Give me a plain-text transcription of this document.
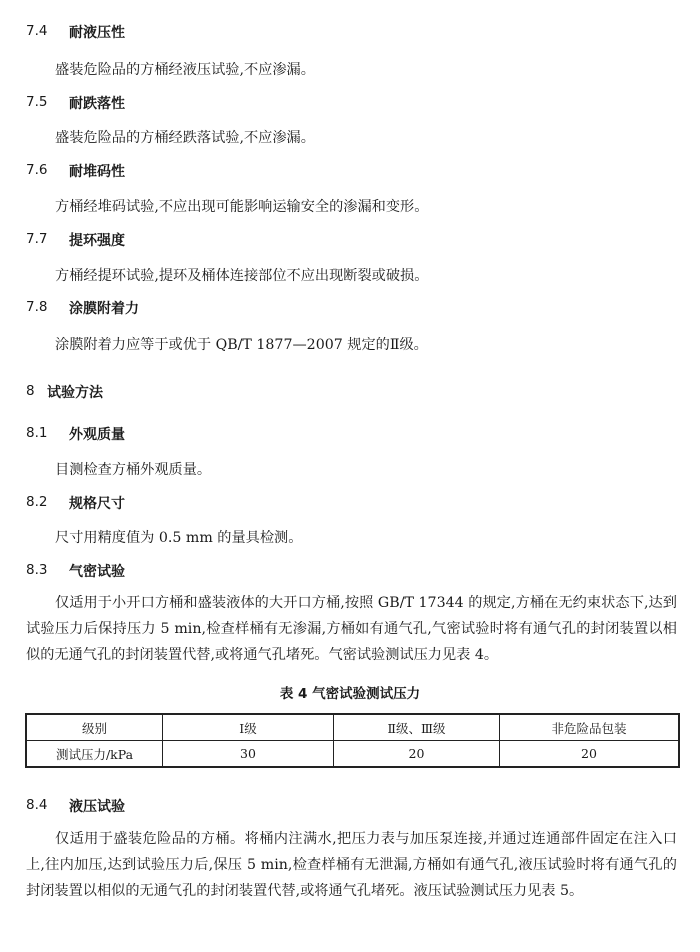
7.4 耐液压性
盛装危险品的方桶经液压试验,不应渗漏。
7.5 耐跌落性
盛装危险品的方桶经跌落试验,不应渗漏。
7.6 耐堆码性
方桶经堆码试验,不应出现可能影响运输安全的渗漏和变形。
7.7 提环强度
方桶经提环试验,提环及桶体连接部位不应出现断裂或破损。
7.8 涂膜附着力
涂膜附着力应等于或优于 QB/T 1877—2007 规定的Ⅱ级。
8 试验方法
8.1 外观质量
目测检查方桶外观质量。
8.2 规格尺寸
尺寸用精度值为 0.5 mm 的量具检测。
8.3 气密试验
仅适用于小开口方桶和盛装液体的大开口方桶,按照 GB/T 17344 的规定,方桶在无约束状态下,达到试验压力后保持压力 5 min,检查样桶有无渗漏,方桶如有通气孔,气密试验时将有通气孔的封闭装置以相似的无通气孔的封闭装置代替,或将通气孔堵死。气密试验测试压力见表 4。
表 4 气密试验测试压力
级别	Ⅰ级	Ⅱ级、Ⅲ级	非危险品包装
测试压力/kPa	30	20	20
8.4 液压试验
仅适用于盛装危险品的方桶。将桶内注满水,把压力表与加压泵连接,并通过连通部件固定在注入口上,往内加压,达到试验压力后,保压 5 min,检查样桶有无泄漏,方桶如有通气孔,液压试验时将有通气孔的封闭装置以相似的无通气孔的封闭装置代替,或将通气孔堵死。液压试验测试压力见表 5。
